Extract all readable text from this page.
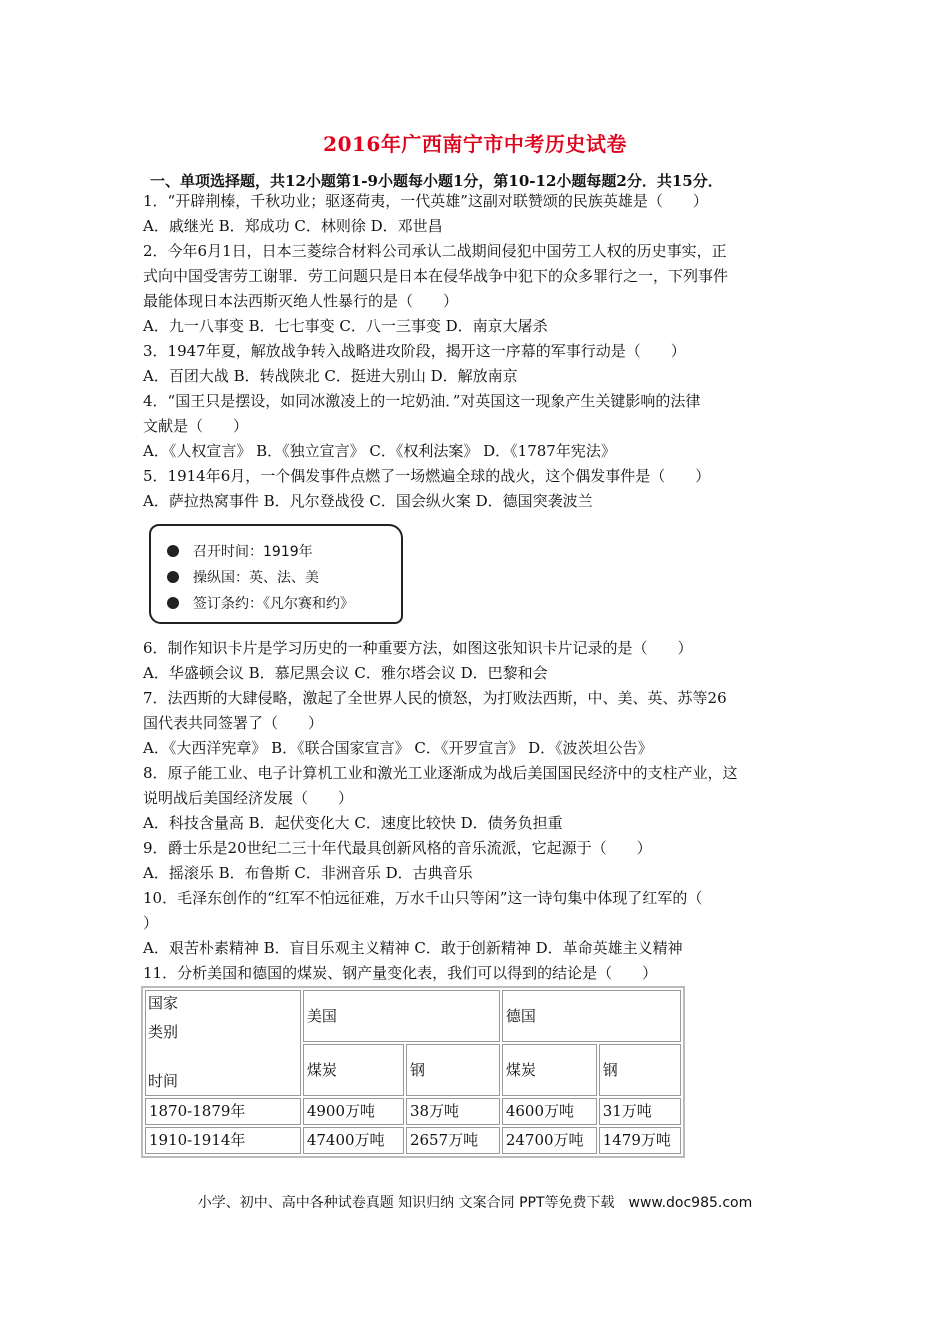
2016年广西南宁市中考历史试卷
一、单项选择题，共12小题第1-9小题每小题1分，第10-12小题每题2分．共15分．
1．“开辟荆榛，千秋功业；驱逐荷夷，一代英雄”这副对联赞颂的民族英雄是（　　）
A．戚继光 B．郑成功 C．林则徐 D．邓世昌
2．今年6月1日，日本三菱综合材料公司承认二战期间侵犯中国劳工人权的历史事实，正
式向中国受害劳工谢罪．劳工问题只是日本在侵华战争中犯下的众多罪行之一，下列事件
最能体现日本法西斯灭绝人性暴行的是（　　）
A．九一八事变 B．七七事变 C．八一三事变 D．南京大屠杀
3．1947年夏，解放战争转入战略进攻阶段，揭开这一序幕的军事行动是（　　）
A．百团大战 B．转战陕北 C．挺进大别山 D．解放南京
4．“国王只是摆设，如同冰激凌上的一坨奶油．”对英国这一现象产生关键影响的法律
文献是（　　）
A．《人权宣言》 B．《独立宣言》 C．《权利法案》 D．《1787年宪法》
5．1914年6月，一个偶发事件点燃了一场燃遍全球的战火，这个偶发事件是（　　）
A．萨拉热窝事件 B．凡尔登战役 C．国会纵火案 D．德国突袭波兰
召开时间：1919年
操纵国：英、法、美
签订条约：《凡尔赛和约》
6．制作知识卡片是学习历史的一种重要方法，如图这张知识卡片记录的是（　　）
A．华盛顿会议 B．慕尼黑会议 C．雅尔塔会议 D．巴黎和会
7．法西斯的大肆侵略，激起了全世界人民的愤怒，为打败法西斯，中、美、英、苏等26
国代表共同签署了（　　）
A．《大西洋宪章》 B．《联合国家宣言》 C．《开罗宣言》 D．《波茨坦公告》
8．原子能工业、电子计算机工业和激光工业逐渐成为战后美国国民经济中的支柱产业，这
说明战后美国经济发展（　　）
A．科技含量高 B．起伏变化大 C．速度比较快 D．债务负担重
9．爵士乐是20世纪二三十年代最具创新风格的音乐流派，它起源于（　　）
A．摇滚乐 B．布鲁斯 C．非洲音乐 D．古典音乐
10．毛泽东创作的“红军不怕远征难，万水千山只等闲”这一诗句集中体现了红军的（
）
A．艰苦朴素精神 B．盲目乐观主义精神 C．敢于创新精神 D．革命英雄主义精神
11．分析美国和德国的煤炭、钢产量变化表，我们可以得到的结论是（　　）
国家
类别
时间	美国		德国	

	煤炭	钢	煤炭	钢
1870-1879年	4900万吨	38万吨	4600万吨	31万吨
1910-1914年	47400万吨	2657万吨	24700万吨	1479万吨
小学、初中、高中各种试卷真题 知识归纳 文案合同 PPT等免费下载　www.doc985.com
